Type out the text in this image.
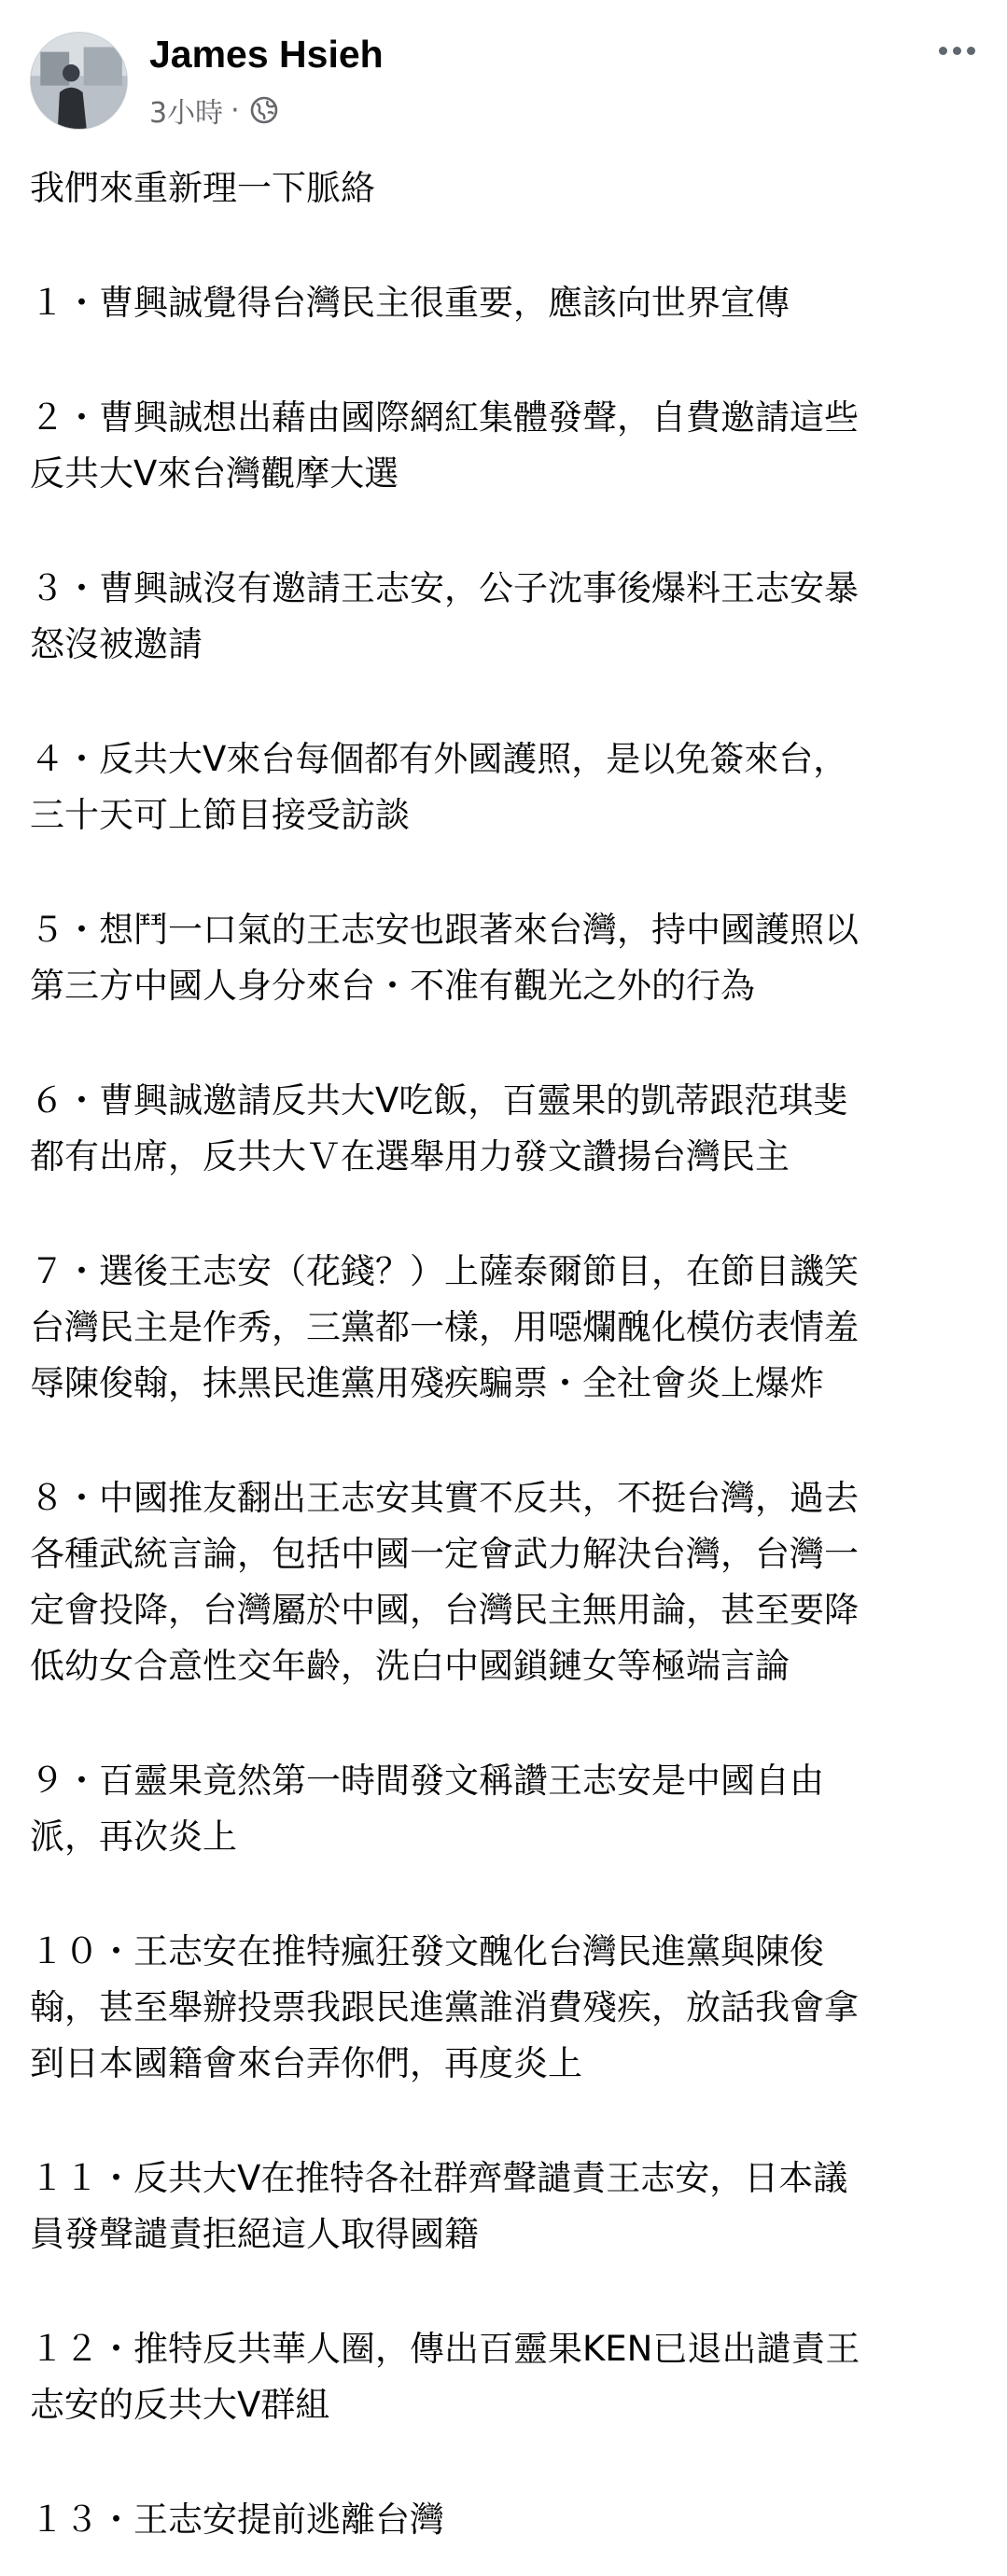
James Hsieh
3小時 ·

我們來重新理一下脈絡

１・曹興誠覺得台灣民主很重要，應該向世界宣傳

２・曹興誠想出藉由國際網紅集體發聲，自費邀請這些
反共大V來台灣觀摩大選

３・曹興誠沒有邀請王志安，公子沈事後爆料王志安暴
怒沒被邀請

４・反共大V來台每個都有外國護照，是以免簽來台，
三十天可上節目接受訪談

５・想鬥一口氣的王志安也跟著來台灣，持中國護照以
第三方中國人身分來台・不准有觀光之外的行為

６・曹興誠邀請反共大V吃飯，百靈果的凱蒂跟范琪斐
都有出席，反共大Ｖ在選舉用力發文讚揚台灣民主

７・選後王志安（花錢？）上薩泰爾節目，在節目譏笑
台灣民主是作秀，三黨都一樣，用噁爛醜化模仿表情羞
辱陳俊翰，抹黑民進黨用殘疾騙票・全社會炎上爆炸

８・中國推友翻出王志安其實不反共，不挺台灣，過去
各種武統言論，包括中國一定會武力解決台灣，台灣一
定會投降，台灣屬於中國，台灣民主無用論，甚至要降
低幼女合意性交年齡，洗白中國鎖鏈女等極端言論

９・百靈果竟然第一時間發文稱讚王志安是中國自由
派，再次炎上

１０・王志安在推特瘋狂發文醜化台灣民進黨與陳俊
翰，甚至舉辦投票我跟民進黨誰消費殘疾，放話我會拿
到日本國籍會來台弄你們，再度炎上

１１・反共大V在推特各社群齊聲譴責王志安，日本議
員發聲譴責拒絕這人取得國籍

１２・推特反共華人圈，傳出百靈果KEN已退出譴責王
志安的反共大V群組

１３・王志安提前逃離台灣
